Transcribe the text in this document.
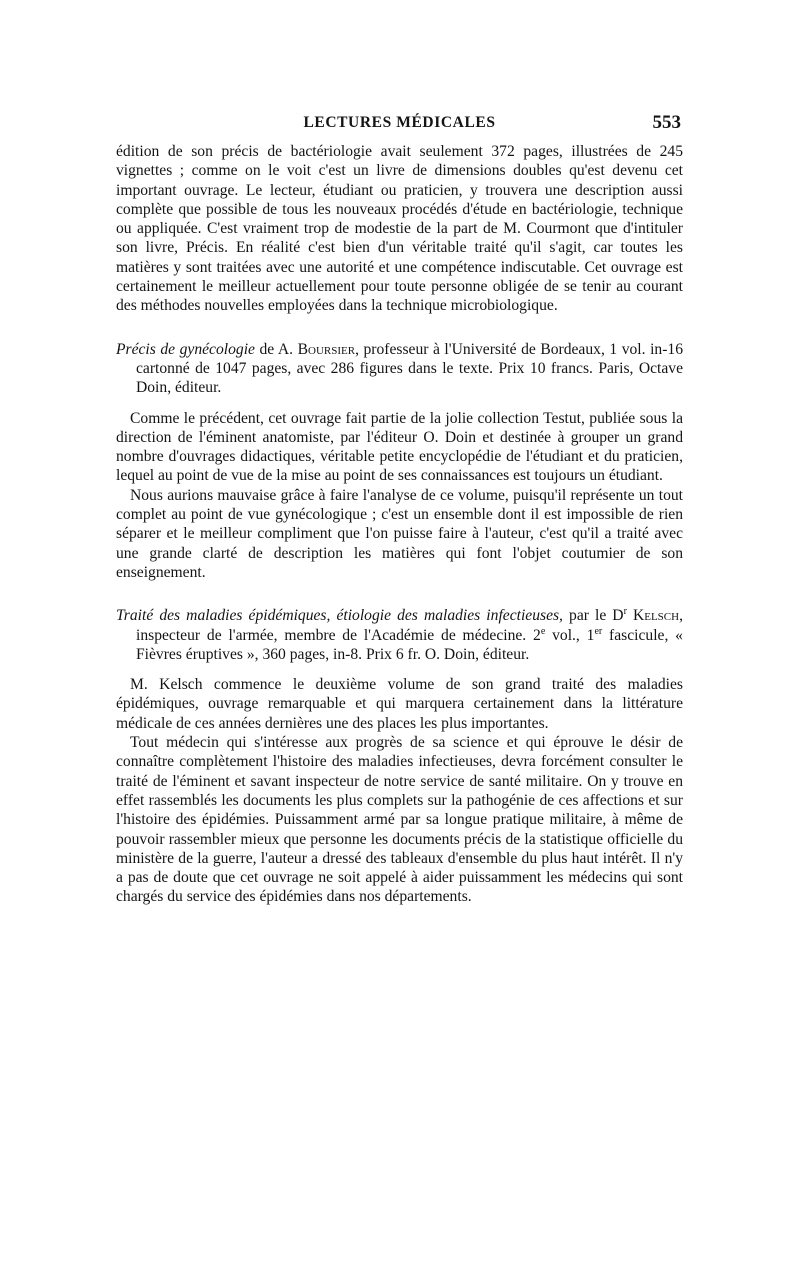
LECTURES MÉDICALES	553

édition de son précis de bactériologie avait seulement 372 pages, illustrées de 245 vignettes ; comme on le voit c'est un livre de dimensions doubles qu'est devenu cet important ouvrage. Le lecteur, étudiant ou praticien, y trouvera une description aussi complète que possible de tous les nouveaux procédés d'étude en bactériologie, technique ou appliquée. C'est vraiment trop de modestie de la part de M. Courmont que d'intituler son livre, Précis. En réalité c'est bien d'un véritable traité qu'il s'agit, car toutes les matières y sont traitées avec une autorité et une compétence indiscutable. Cet ouvrage est certainement le meilleur actuellement pour toute personne obligée de se tenir au courant des méthodes nouvelles employées dans la technique microbiologique.

Précis de gynécologie de A. Boursier, professeur à l'Université de Bordeaux, 1 vol. in-16 cartonné de 1047 pages, avec 286 figures dans le texte. Prix 10 francs. Paris, Octave Doin, éditeur.

Comme le précédent, cet ouvrage fait partie de la jolie collection Testut, publiée sous la direction de l'éminent anatomiste, par l'éditeur O. Doin et destinée à grouper un grand nombre d'ouvrages didactiques, véritable petite encyclopédie de l'étudiant et du praticien, lequel au point de vue de la mise au point de ses connaissances est toujours un étudiant.

Nous aurions mauvaise grâce à faire l'analyse de ce volume, puisqu'il représente un tout complet au point de vue gynécologique ; c'est un ensemble dont il est impossible de rien séparer et le meilleur compliment que l'on puisse faire à l'auteur, c'est qu'il a traité avec une grande clarté de description les matières qui font l'objet coutumier de son enseignement.

Traité des maladies épidémiques, étiologie des maladies infectieuses, par le $D^r$ Kelsch, inspecteur de l'armée, membre de l'Académie de médecine. 2e vol., 1er fascicule, « Fièvres éruptives », 360 pages, in-8. Prix 6 fr. O. Doin, éditeur.

M. Kelsch commence le deuxième volume de son grand traité des maladies épidémiques, ouvrage remarquable et qui marquera certainement dans la littérature médicale de ces années dernières une des places les plus importantes.

Tout médecin qui s'intéresse aux progrès de sa science et qui éprouve le désir de connaître complètement l'histoire des maladies infectieuses, devra forcément consulter le traité de l'éminent et savant inspecteur de notre service de santé militaire. On y trouve en effet rassemblés les documents les plus complets sur la pathogénie de ces affections et sur l'histoire des épidémies. Puissamment armé par sa longue pratique militaire, à même de pouvoir rassembler mieux que personne les documents précis de la statistique officielle du ministère de la guerre, l'auteur a dressé des tableaux d'ensemble du plus haut intérêt. Il n'y a pas de doute que cet ouvrage ne soit appelé à aider puissamment les médecins qui sont chargés du service des épidémies dans nos départements.
